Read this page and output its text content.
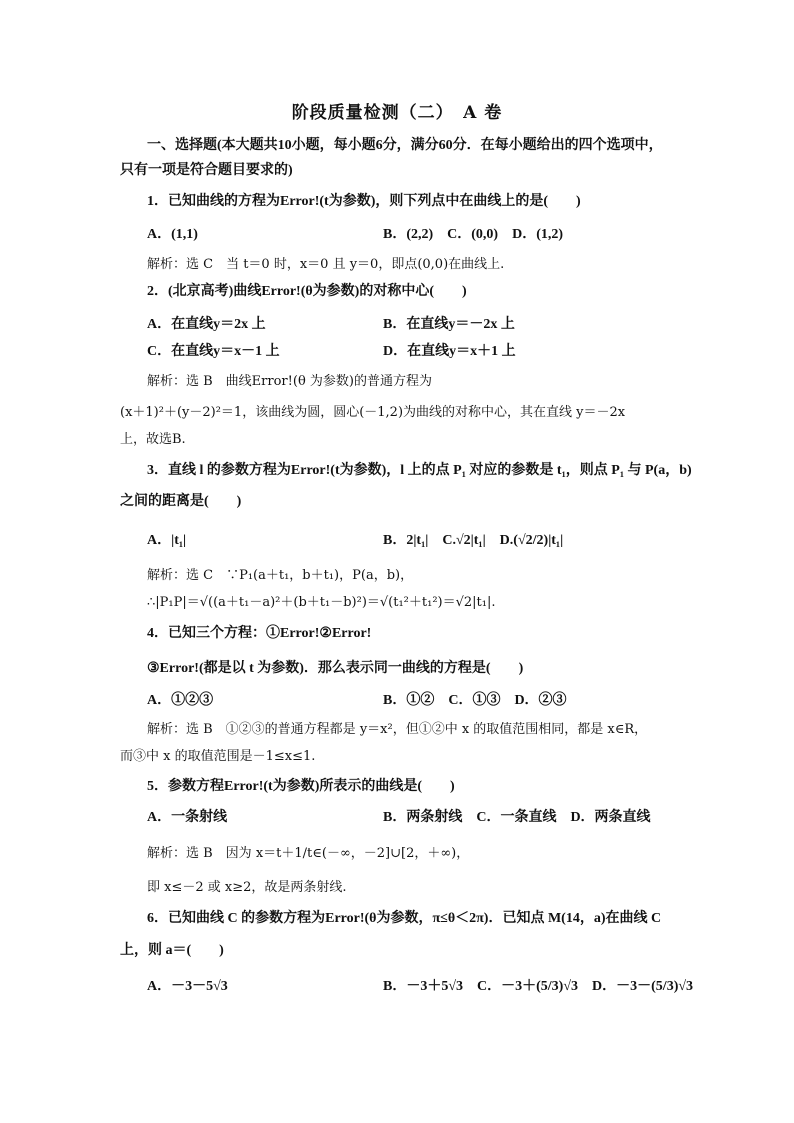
阶段质量检测（二）　A 卷
一、选择题(本大题共10小题，每小题6分，满分60分．在每小题给出的四个选项中，
只有一项是符合题目要求的)
1．已知曲线的方程为Error!(t为参数)，则下列点中在曲线上的是(　　)
A．(1,1)	B．(2,2)　C．(0,0)　D．(1,2)
解析：选 C　当 t＝0 时，x＝0 且 y＝0，即点(0,0)在曲线上.
2．(北京高考)曲线Error!(θ为参数)的对称中心(　　)
A．在直线y＝2x 上	B．在直线y＝－2x 上
C．在直线y＝x－1 上	D．在直线y＝x＋1 上
解析：选 B　曲线Error!(θ 为参数)的普通方程为
(x＋1)²＋(y－2)²＝1，该曲线为圆，圆心(－1,2)为曲线的对称中心，其在直线 y＝－2x
上，故选B.
3．直线 l 的参数方程为Error!(t为参数)，l 上的点 P₁ 对应的参数是 t₁，则点 P₁ 与 P(a，b)
之间的距离是(　　)
A．|t₁|	B．2|t₁|　C.√2|t₁|　D.(√2/2)|t₁|
解析：选 C　∵P₁(a＋t₁，b＋t₁)，P(a，b)，
∴|P₁P|＝√((a＋t₁－a)²＋(b＋t₁－b)²)＝√(t₁²＋t₁²)＝√2|t₁|.
4．已知三个方程：①Error!②Error!
③Error!(都是以 t 为参数)．那么表示同一曲线的方程是(　　)
A．①②③	B．①②　C．①③　D．②③
解析：选 B　①②③的普通方程都是 y＝x²，但①②中 x 的取值范围相同，都是 x∈R，
而③中 x 的取值范围是－1≤x≤1.
5．参数方程Error!(t为参数)所表示的曲线是(　　)
A．一条射线	B．两条射线　C．一条直线　D．两条直线
解析：选 B　因为 x＝t＋1/t∈(－∞，－2]∪[2，＋∞)，
即 x≤－2 或 x≥2，故是两条射线.
6．已知曲线 C 的参数方程为Error!(θ为参数，π≤θ＜2π)．已知点 M(14，a)在曲线 C
上，则 a＝(　　)
A．－3－5√3	B．－3＋5√3　C．－3＋(5/3)√3　D．－3－(5/3)√3
